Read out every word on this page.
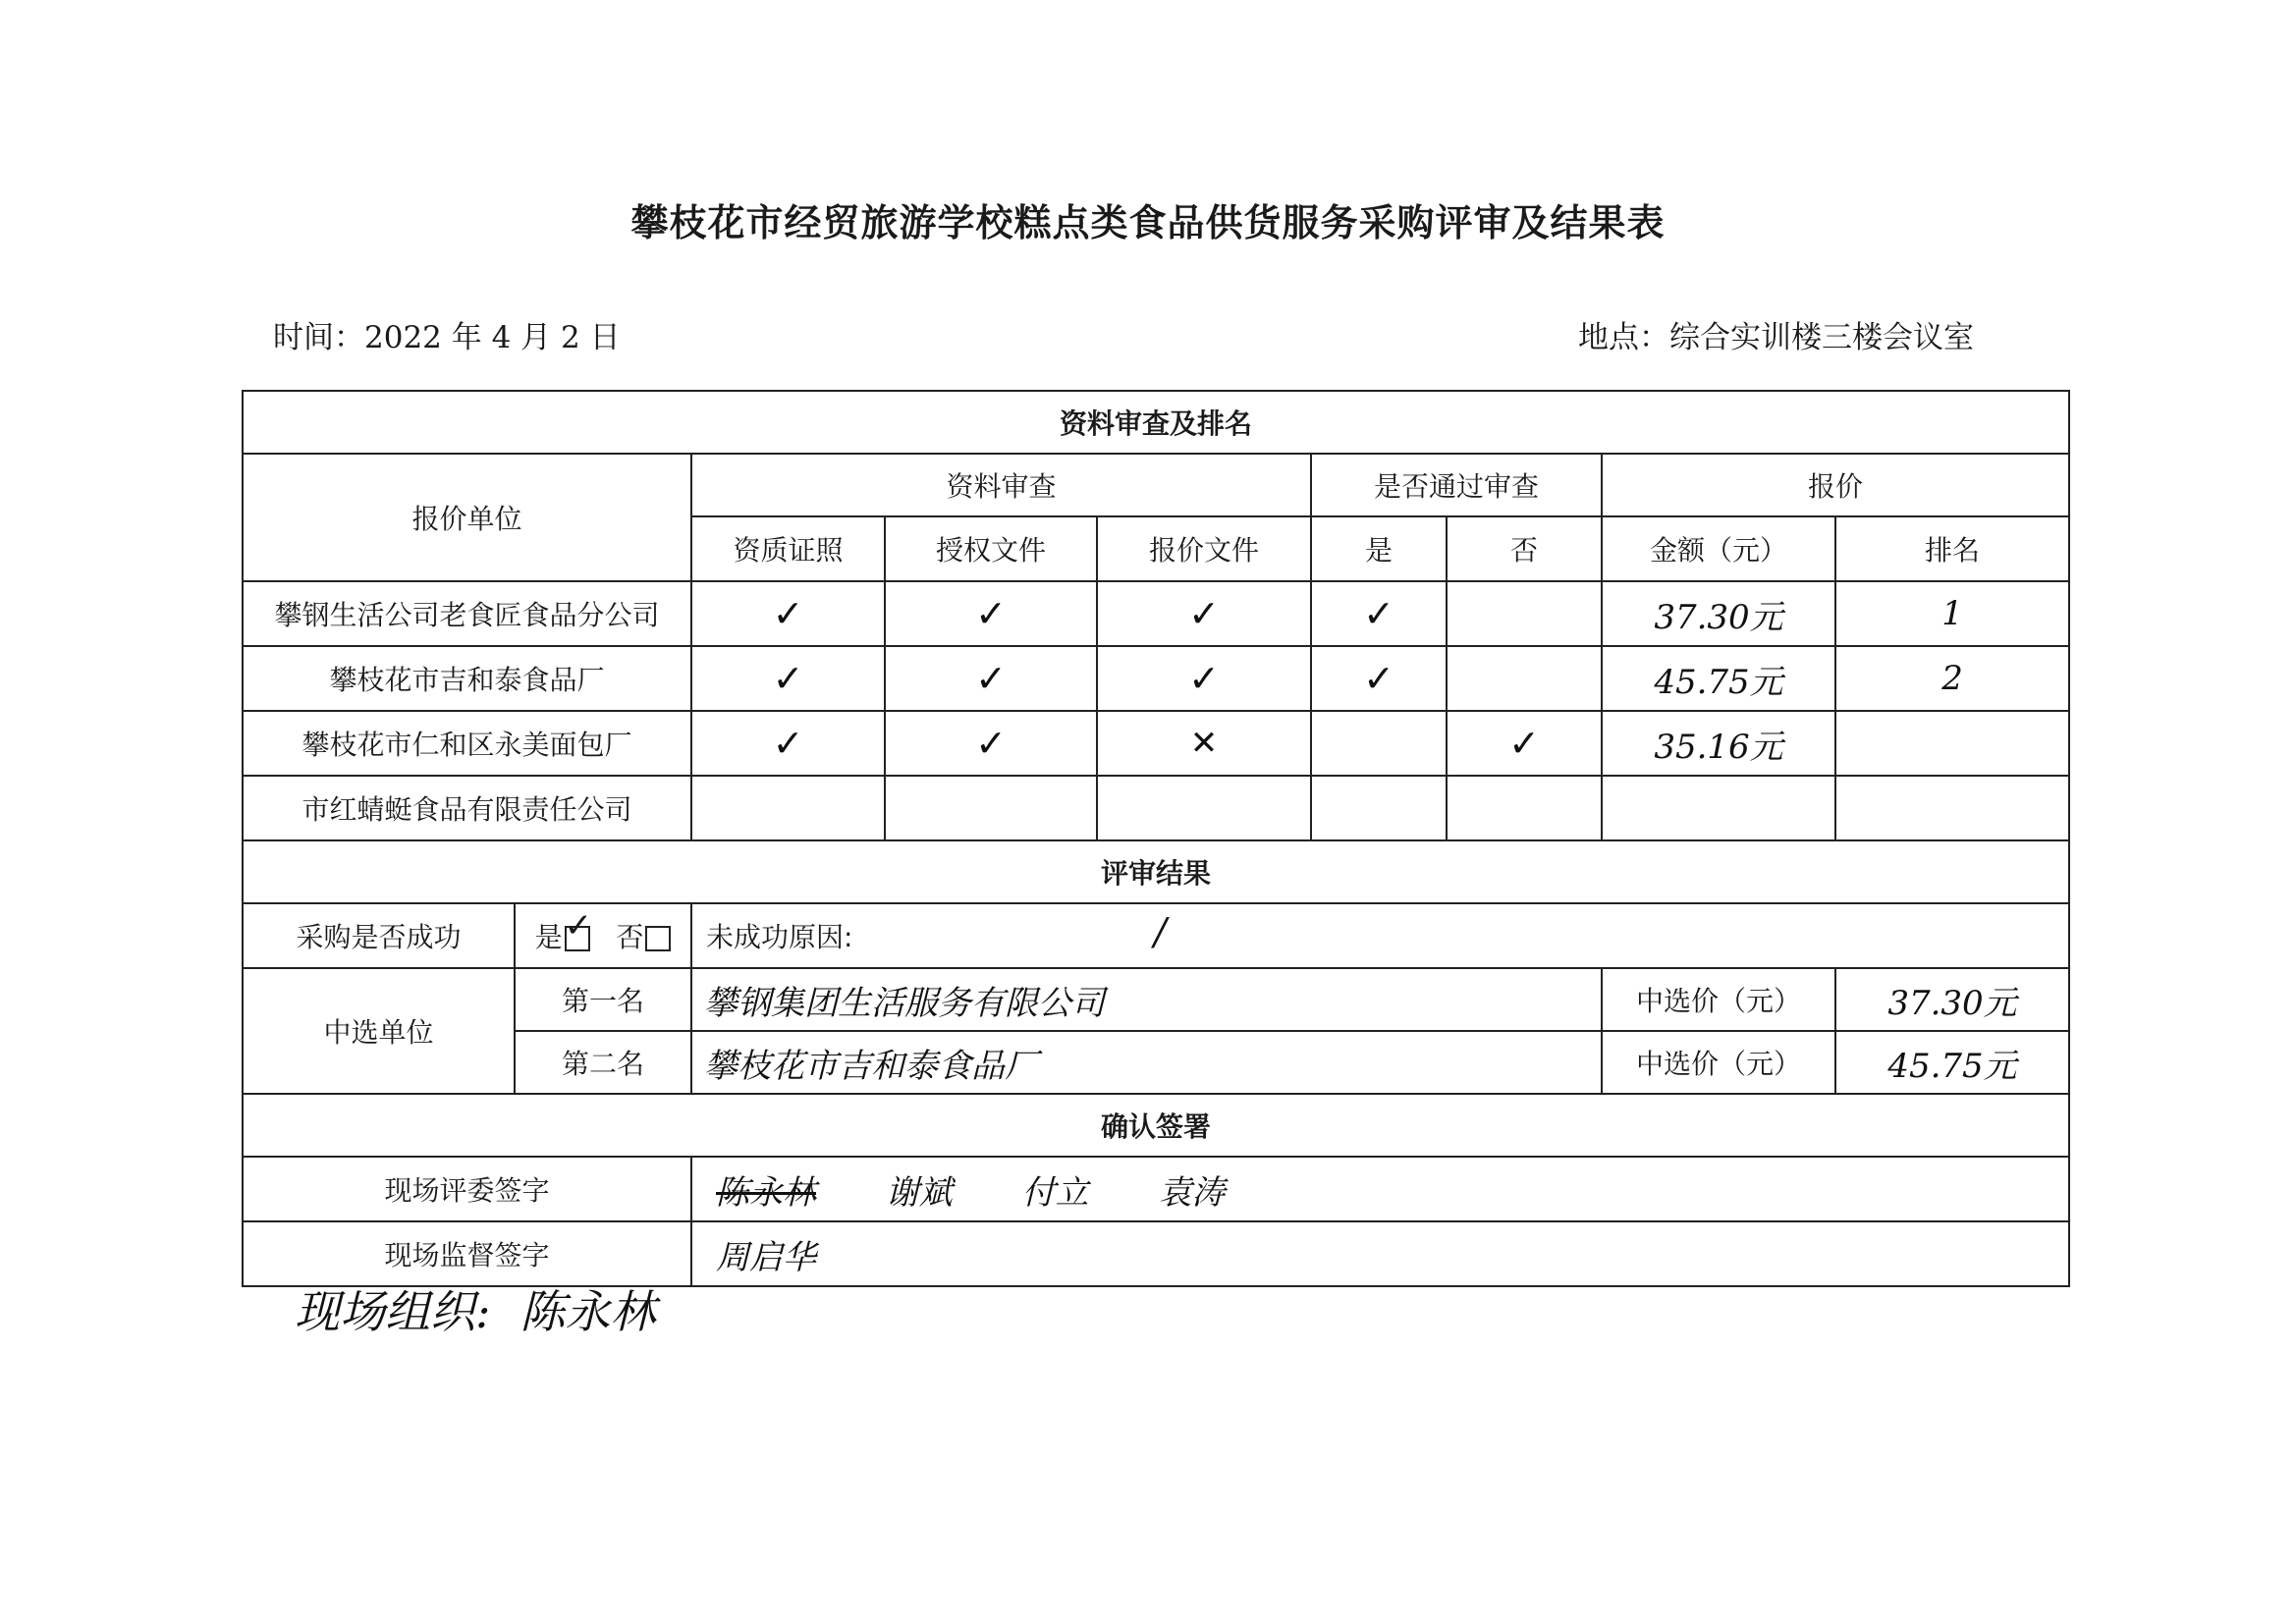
攀枝花市经贸旅游学校糕点类食品供货服务采购评审及结果表
时间：2022 年 4 月 2 日	地点：综合实训楼三楼会议室
资料审查及排名								
报价单位		资料审查			是否通过审查		报价	
		资质证照	授权文件	报价文件	是	否	金额（元）	排名
攀钢生活公司老食匠食品分公司		✓	✓	✓	✓		37.30元	1
攀枝花市吉和泰食品厂		✓	✓	✓	✓		45.75元	2
攀枝花市仁和区永美面包厂		✓	✓	✕		✓	35.16元	
市红蜻蜓食品有限责任公司								
评审结果								
采购是否成功	是 ✓ 否	未成功原因: /						

中选单位	第一名	攀钢集团生活服务有限公司					中选价（元）	37.30元
	第二名	攀枝花市吉和泰食品厂					中选价（元）	45.75元
确认签署								
现场评委签字		陈永林 谢斌 付立 袁涛						
现场监督签字		周启华						
现场组织: 陈永林
